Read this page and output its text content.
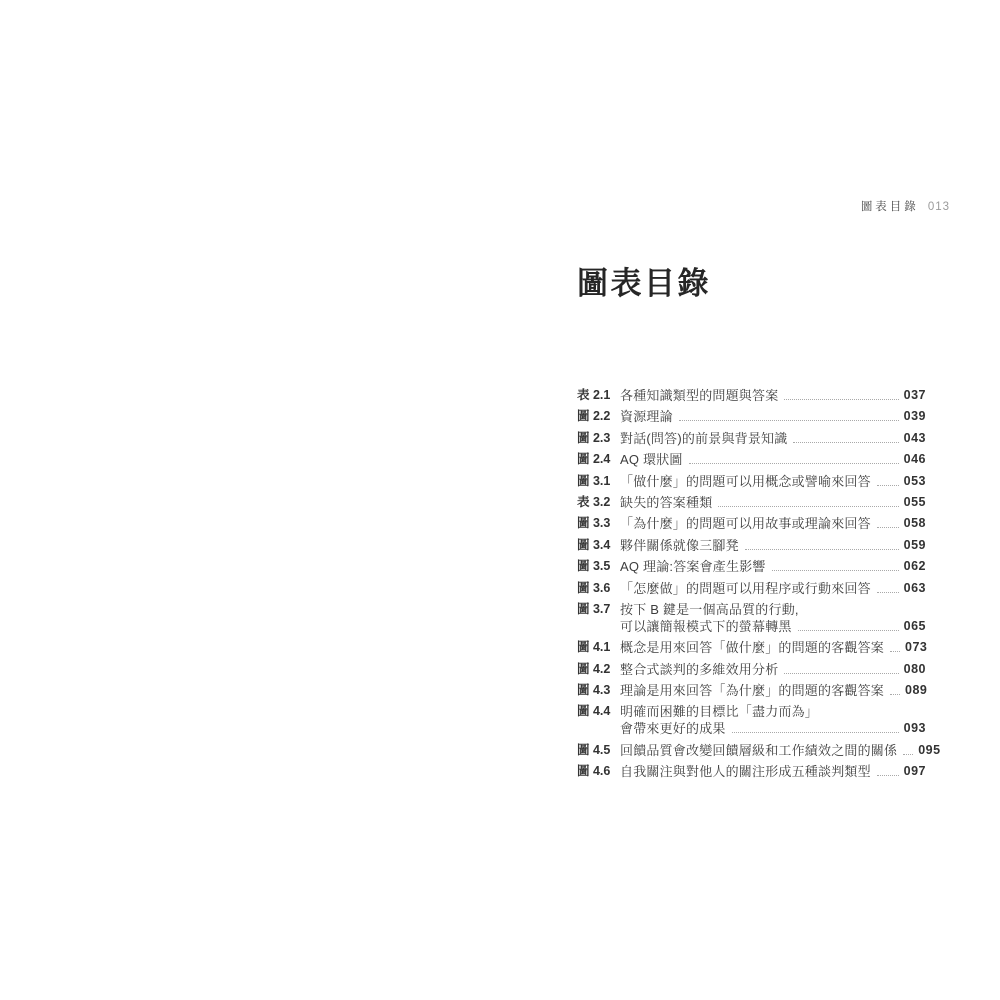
圖表目錄 013
圖表目錄
表 2.1 各種知識類型的問題與答案	037
圖 2.2 資源理論	039
圖 2.3 對話(問答)的前景與背景知識	043
圖 2.4 AQ 環狀圖	046
圖 3.1 「做什麼」的問題可以用概念或譬喻來回答	053
表 3.2 缺失的答案種類	055
圖 3.3 「為什麼」的問題可以用故事或理論來回答	058
圖 3.4 夥伴關係就像三腳凳	059
圖 3.5 AQ 理論:答案會產生影響	062
圖 3.6 「怎麼做」的問題可以用程序或行動來回答	063
圖 3.7 按下 B 鍵是一個高品質的行動,
可以讓簡報模式下的螢幕轉黑	065
圖 4.1 概念是用來回答「做什麼」的問題的客觀答案 073
圖 4.2 整合式談判的多維效用分析	080
圖 4.3 理論是用來回答「為什麼」的問題的客觀答案 089
圖 4.4 明確而困難的目標比「盡力而為」
會帶來更好的成果	093
圖 4.5 回饋品質會改變回饋層級和工作績效之間的關係 095
圖 4.6 自我關注與對他人的關注形成五種談判類型	097
